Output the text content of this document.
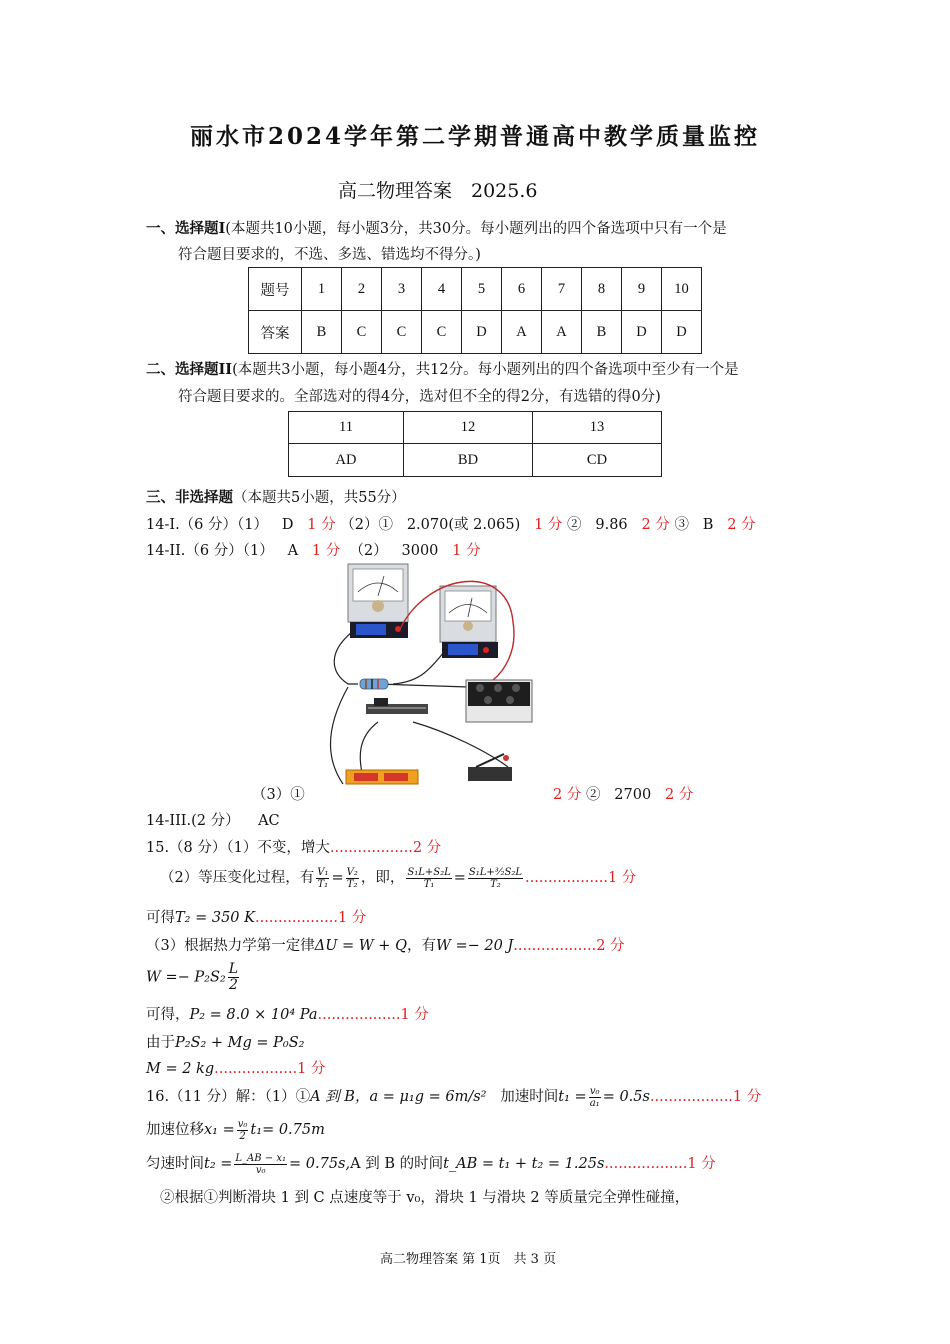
丽水市2024学年第二学期普通高中教学质量监控
高二物理答案　2025.6
一、选择题I(本题共10小题，每小题3分，共30分。每小题列出的四个备选项中只有一个是
符合题目要求的，不选、多选、错选均不得分。)
题号	1	2	3	4	5	6	7	8	9	10
答案	B	C	C	C	D	A	A	B	D	D
二、选择题II(本题共3小题，每小题4分，共12分。每小题列出的四个备选项中至少有一个是
符合题目要求的。全部选对的得4分，选对但不全的得2分，有选错的得0分)
11	12	13
AD	BD	CD
三、非选择题（本题共5小题，共55分）
14-I.（6 分）（1） D 1 分 （2）① 2.070(或 2.065) 1 分 ② 9.86 2 分 ③ B 2 分
14-II.（6 分）（1） A 1 分 （2） 3000 1 分
（3）①	2 分 ② 2700 2 分
14-III.(2 分） AC
15.（8 分）（1）不变，增大..................2 分
（2）等压变化过程，有 $\frac{\text{V₁}}{\text{T₁}} = \frac{\text{V₂}}{\text{T₂}}$ ，即， $\frac{\text{S₁L+S₂L}}{\text{T₁}} = \frac{\text{S₁L+³⁄₂S₂L}}{\text{T₂}} ..................1$ 分
可得T₂ = 350 K..................1 分
（3）根据热力学第一定律ΔU = W + Q，有W =− 20 J..................2 分
$W =- P_2S_2 \frac{L}{2}$
可得，P₂ = 8.0 × 10⁴ Pa..................1 分
由于P₂S₂ + Mg = P₀S₂
M = 2 kg..................1 分
16.（11 分）解：（1）①A 到 B，a = μ₁g = 6m/s² 加速时间$t_1 = \frac{\text{v₀}}{\text{a₁}} = 0.5s..................1$ 分
加速位移$x_1 = \frac{\text{v₀}}{2} t_1= 0.75m$
匀速时间$t_2 = \frac{\text{L\_AB − x₁}}{\text{v₀}} = 0.75s,A$ 到 B 的时间t_AB = t₁ + t₂ = 1.25s..................1 分
②根据①判断滑块 1 到 C 点速度等于 v₀，滑块 1 与滑块 2 等质量完全弹性碰撞，
高二物理答案 第 1页　共 3 页
